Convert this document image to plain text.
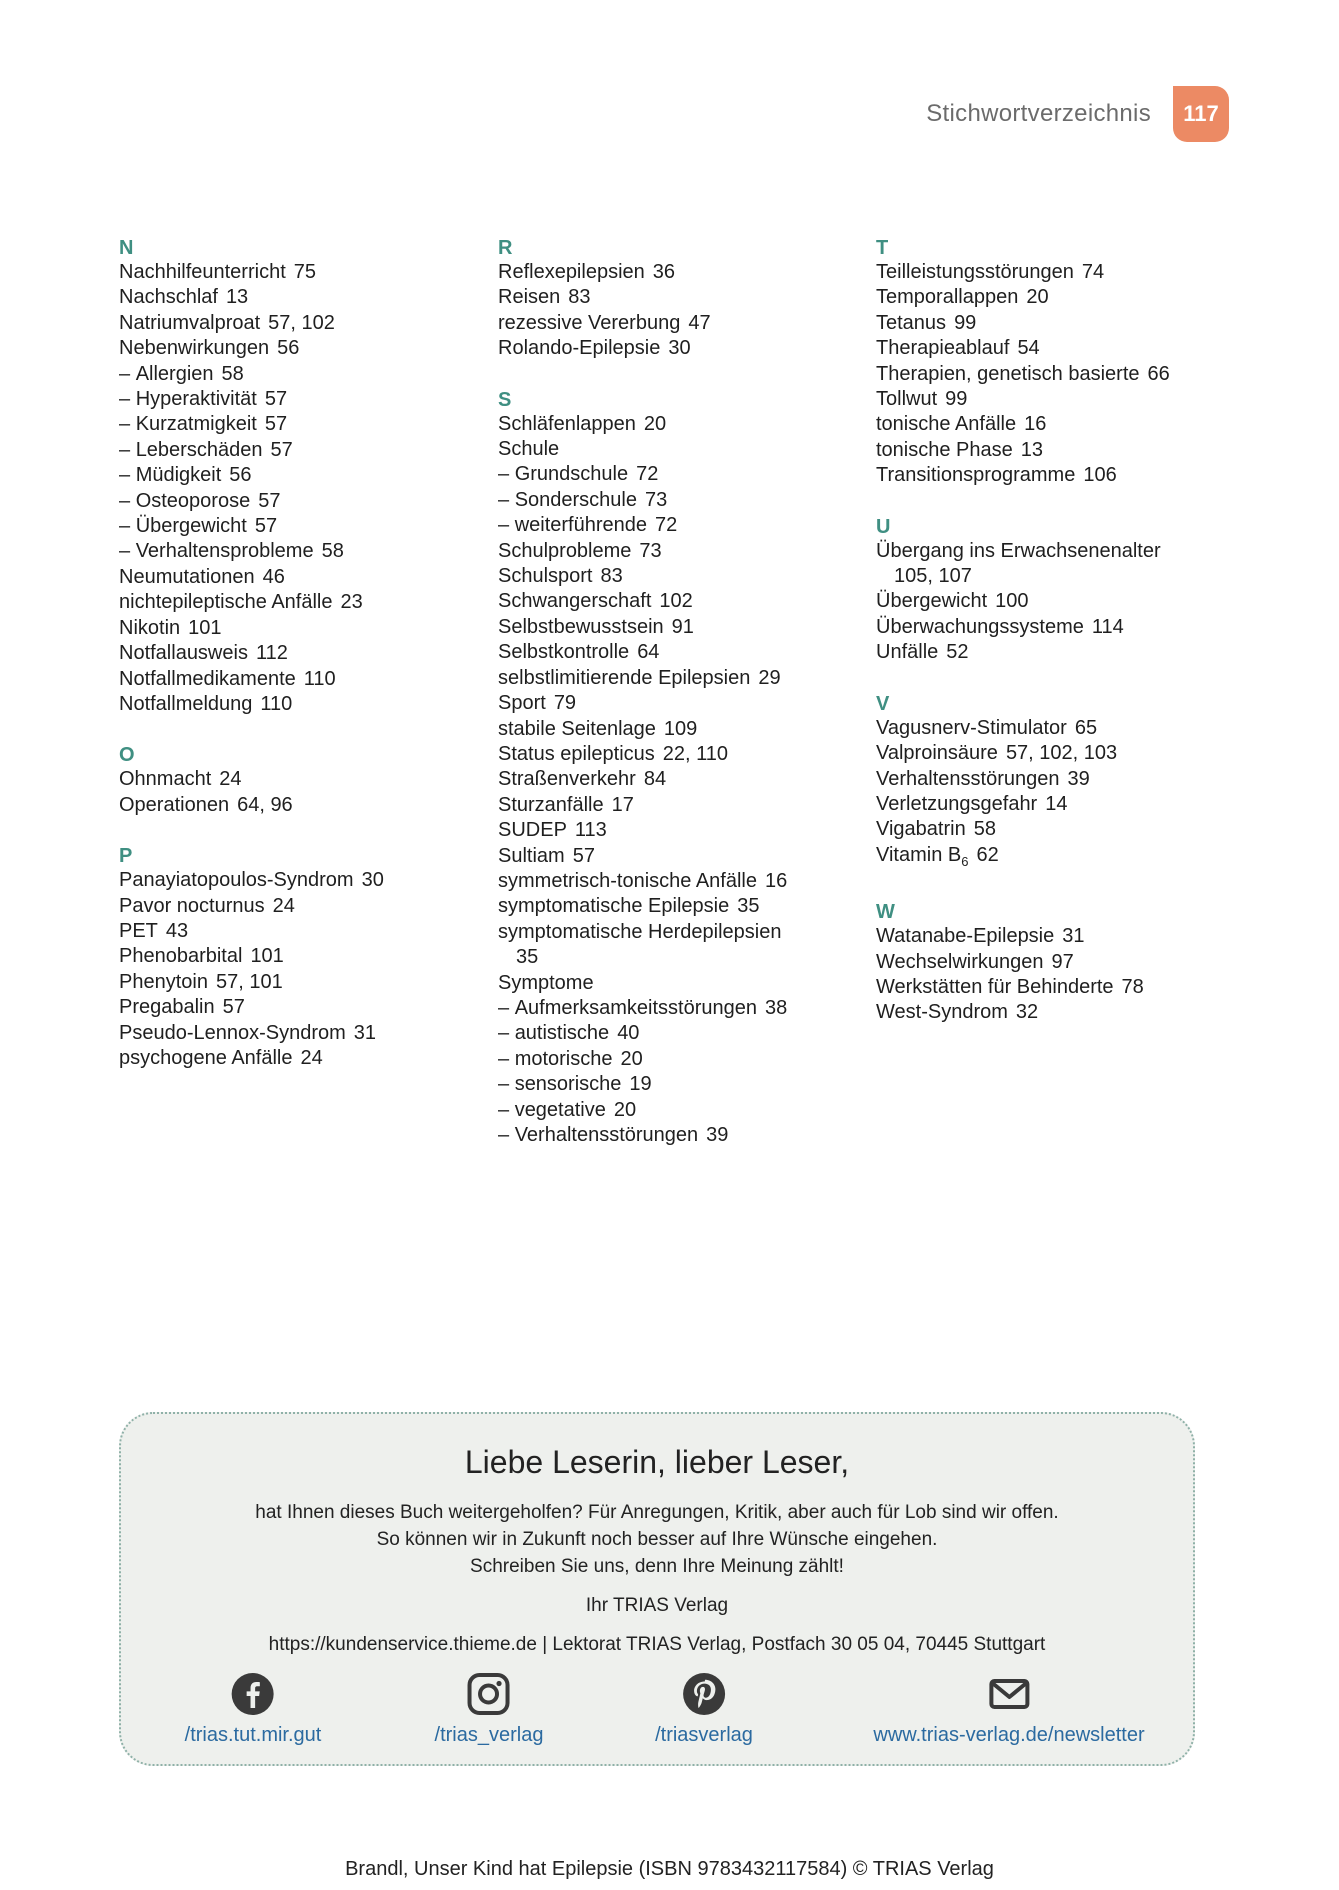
Stichwortverzeichnis	117
N
Nachhilfeunterricht 75
Nachschlaf 13
Natriumvalproat 57, 102
Nebenwirkungen 56
– Allergien 58
– Hyperaktivität 57
– Kurzatmigkeit 57
– Leberschäden 57
– Müdigkeit 56
– Osteoporose 57
– Übergewicht 57
– Verhaltensprobleme 58
Neumutationen 46
nichtepileptische Anfälle 23
Nikotin 101
Notfallausweis 112
Notfallmedikamente 110
Notfallmeldung 110
O
Ohnmacht 24
Operationen 64, 96
P
Panayiatopoulos-Syndrom 30
Pavor nocturnus 24
PET 43
Phenobarbital 101
Phenytoin 57, 101
Pregabalin 57
Pseudo-Lennox-Syndrom 31
psychogene Anfälle 24
R
Reflexepilepsien 36
Reisen 83
rezessive Vererbung 47
Rolando-Epilepsie 30
S
Schläfenlappen 20
Schule
– Grundschule 72
– Sonderschule 73
– weiterführende 72
Schulprobleme 73
Schulsport 83
Schwangerschaft 102
Selbstbewusstsein 91
Selbstkontrolle 64
selbstlimitierende Epilepsien 29
Sport 79
stabile Seitenlage 109
Status epilepticus 22, 110
Straßenverkehr 84
Sturzanfälle 17
SUDEP 113
Sultiam 57
symmetrisch-tonische Anfälle 16
symptomatische Epilepsie 35
symptomatische Herdepilepsien
35
Symptome
– Aufmerksamkeitsstörungen 38
– autistische 40
– motorische 20
– sensorische 19
– vegetative 20
– Verhaltensstörungen 39
T
Teilleistungsstörungen 74
Temporallappen 20
Tetanus 99
Therapieablauf 54
Therapien, genetisch basierte 66
Tollwut 99
tonische Anfälle 16
tonische Phase 13
Transitionsprogramme 106
U
Übergang ins Erwachsenenalter
105, 107
Übergewicht 100
Überwachungssysteme 114
Unfälle 52
V
Vagusnerv-Stimulator 65
Valproinsäure 57, 102, 103
Verhaltensstörungen 39
Verletzungsgefahr 14
Vigabatrin 58
Vitamin $B_6$ 62
W
Watanabe-Epilepsie 31
Wechselwirkungen 97
Werkstätten für Behinderte 78
West-Syndrom 32
Liebe Leserin, lieber Leser,
hat Ihnen dieses Buch weitergeholfen? Für Anregungen, Kritik, aber auch für Lob sind wir offen.
So können wir in Zukunft noch besser auf Ihre Wünsche eingehen.
Schreiben Sie uns, denn Ihre Meinung zählt!
Ihr TRIAS Verlag
https://kundenservice.thieme.de | Lektorat TRIAS Verlag, Postfach 30 05 04, 70445 Stuttgart
/trias.tut.mir.gut	/trias_verlag	/triasverlag	www.trias-verlag.de/newsletter
Brandl, Unser Kind hat Epilepsie (ISBN 9783432117584) © TRIAS Verlag
